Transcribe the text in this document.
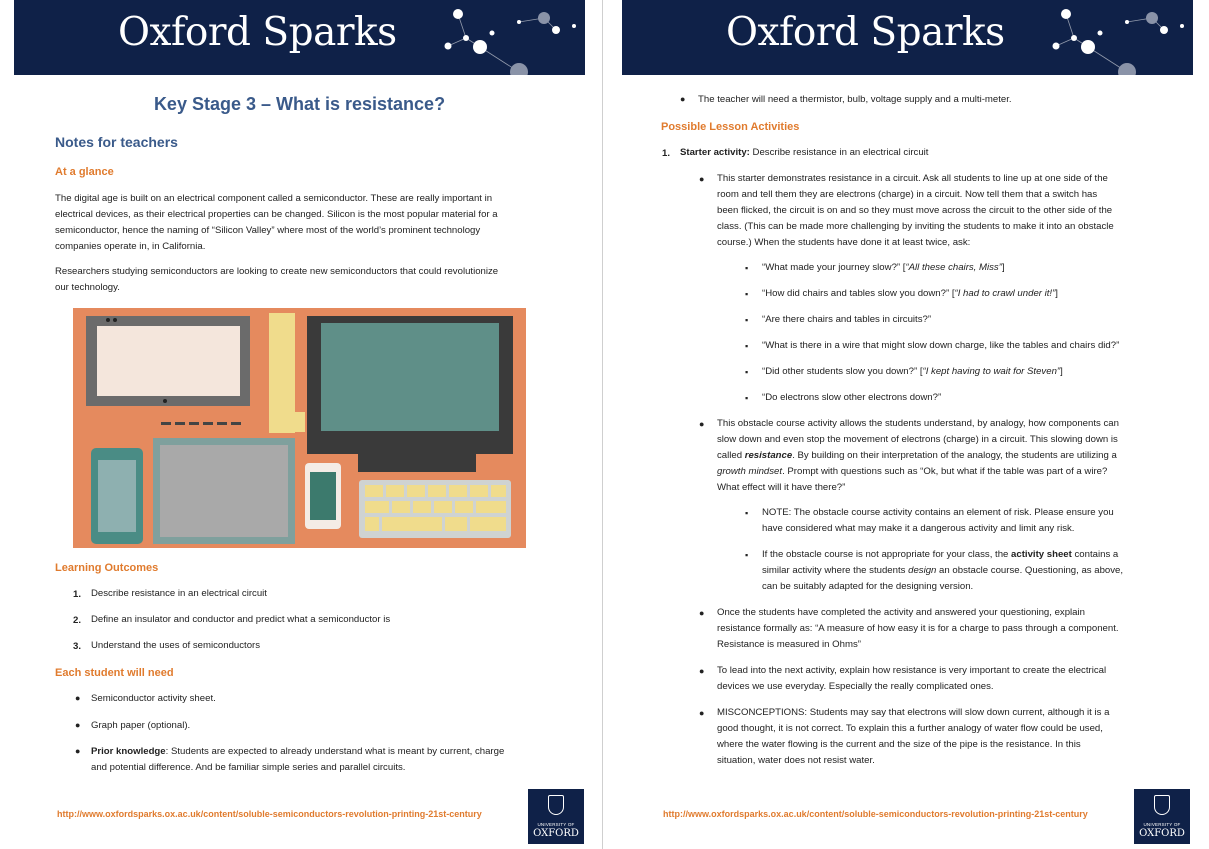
Oxford Sparks
Key Stage 3 – What is resistance?
Notes for teachers
At a glance
The digital age is built on an electrical component called a semiconductor. These are really important in
electrical devices, as their electrical properties can be changed. Silicon is the most popular material for a
semiconductor, hence the naming of “Silicon Valley” where most of the world’s prominent technology
companies operate in, in California.
Researchers studying semiconductors are looking to create new semiconductors that could revolutionize
our technology.
Learning Outcomes
1. Describe resistance in an electrical circuit
2. Define an insulator and conductor and predict what a semiconductor is
3. Understand the uses of semiconductors
Each student will need
● Semiconductor activity sheet.
● Graph paper (optional).
● Prior knowledge: Students are expected to already understand what is meant by current, charge
and potential difference. And be familiar simple series and parallel circuits.
http://www.oxfordsparks.ox.ac.uk/content/soluble-semiconductors-revolution-printing-21st-century
UNIVERSITY OF
OXFORD
Oxford Sparks
● The teacher will need a thermistor, bulb, voltage supply and a multi-meter.
Possible Lesson Activities
1. Starter activity: Describe resistance in an electrical circuit
● This starter demonstrates resistance in a circuit. Ask all students to line up at one side of the
room and tell them they are electrons (charge) in a circuit. Now tell them that a switch has
been flicked, the circuit is on and so they must move across the circuit to the other side of the
class. (This can be made more challenging by inviting the students to make it into an obstacle
course.) When the students have done it at least twice, ask:
▪ “What made your journey slow?” [“All these chairs, Miss”]
▪ “How did chairs and tables slow you down?” [“I had to crawl under it!”]
▪ “Are there chairs and tables in circuits?”
▪ “What is there in a wire that might slow down charge, like the tables and chairs did?”
▪ “Did other students slow you down?” [“I kept having to wait for Steven”]
▪ “Do electrons slow other electrons down?”
● This obstacle course activity allows the students understand, by analogy, how components can
slow down and even stop the movement of electrons (charge) in a circuit. This slowing down is
called resistance. By building on their interpretation of the analogy, the students are utilizing a
growth mindset. Prompt with questions such as “Ok, but what if the table was part of a wire?
What effect will it have there?”
▪ NOTE: The obstacle course activity contains an element of risk. Please ensure you
have considered what may make it a dangerous activity and limit any risk.
▪ If the obstacle course is not appropriate for your class, the activity sheet contains a
similar activity where the students design an obstacle course. Questioning, as above,
can be suitably adapted for the designing version.
● Once the students have completed the activity and answered your questioning, explain
resistance formally as: “A measure of how easy it is for a charge to pass through a component.
Resistance is measured in Ohms”
● To lead into the next activity, explain how resistance is very important to create the electrical
devices we use everyday. Especially the really complicated ones.
● MISCONCEPTIONS: Students may say that electrons will slow down current, although it is a
good thought, it is not correct. To explain this a further analogy of water flow could be used,
where the water flowing is the current and the size of the pipe is the resistance. In this
situation, water does not resist water.
http://www.oxfordsparks.ox.ac.uk/content/soluble-semiconductors-revolution-printing-21st-century
UNIVERSITY OF
OXFORD
